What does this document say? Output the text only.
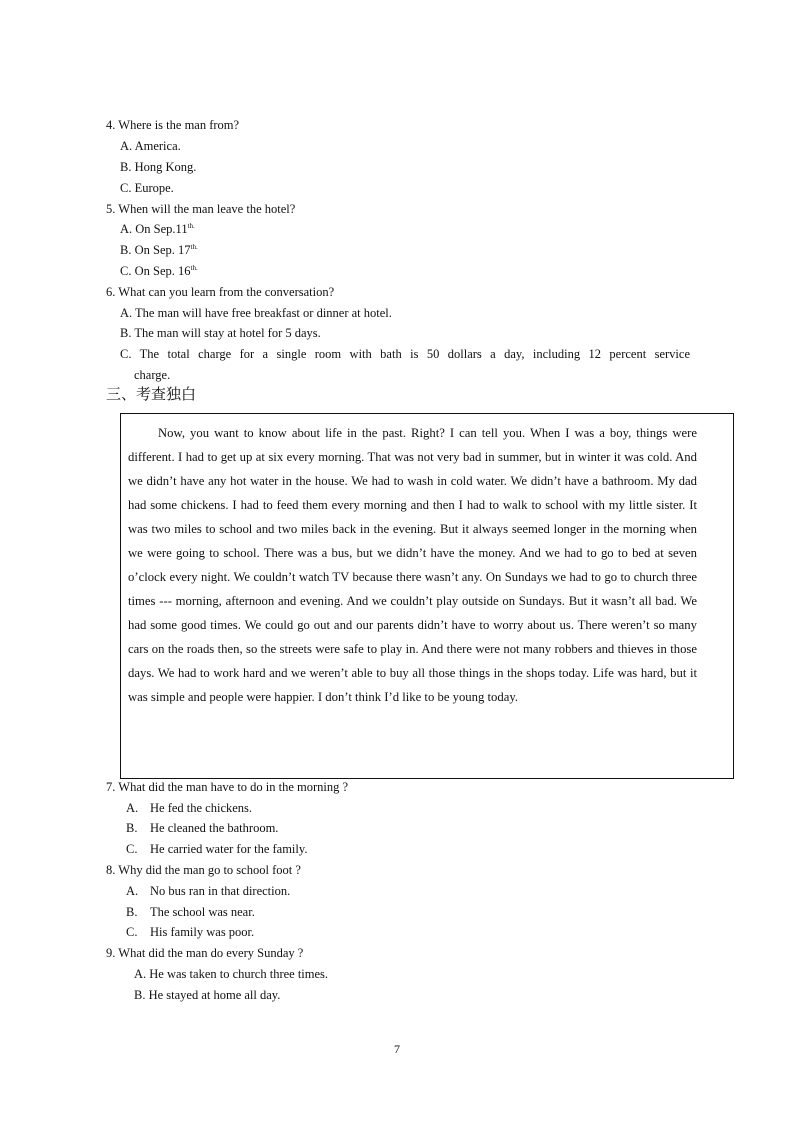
4. Where is the man from?
A. America.
B. Hong Kong.
C. Europe.
5. When will the man leave the hotel?
A. On $Sep.11^{th.}$
B. On Sep. $17^{th.}$
C. On Sep. $16^{th.}$
6. What can you learn from the conversation?
A. The man will have free breakfast or dinner at hotel.
B. The man will stay at hotel for 5 days.
C. The total charge for a single room with bath is 50 dollars a day, including 12 percent service
charge.
三、考查独白
Now, you want to know about life in the past. Right? I can tell you. When I was a boy, things were different. I had to get up at six every morning. That was not very bad in summer, but in winter it was cold. And we didn’t have any hot water in the house. We had to wash in cold water. We didn’t have a bathroom. My dad had some chickens. I had to feed them every morning and then I had to walk to school with my little sister. It was two miles to school and two miles back in the evening. But it always seemed longer in the morning when we were going to school. There was a bus, but we didn’t have the money. And we had to go to bed at seven o’clock every night. We couldn’t watch TV because there wasn’t any. On Sundays we had to go to church three times --- morning, afternoon and evening. And we couldn’t play outside on Sundays. But it wasn’t all bad. We had some good times. We could go out and our parents didn’t have to worry about us. There weren’t so many cars on the roads then, so the streets were safe to play in. And there were not many robbers and thieves in those days. We had to work hard and we weren’t able to buy all those things in the shops today. Life was hard, but it was simple and people were happier. I don’t think I’d like to be young today.
7. What did the man have to do in the morning ?
A. He fed the chickens.
B. He cleaned the bathroom.
C. He carried water for the family.
8. Why did the man go to school foot ?
A. No bus ran in that direction.
B. The school was near.
C. His family was poor.
9. What did the man do every Sunday ?
A. He was taken to church three times.
B. He stayed at home all day.
7
